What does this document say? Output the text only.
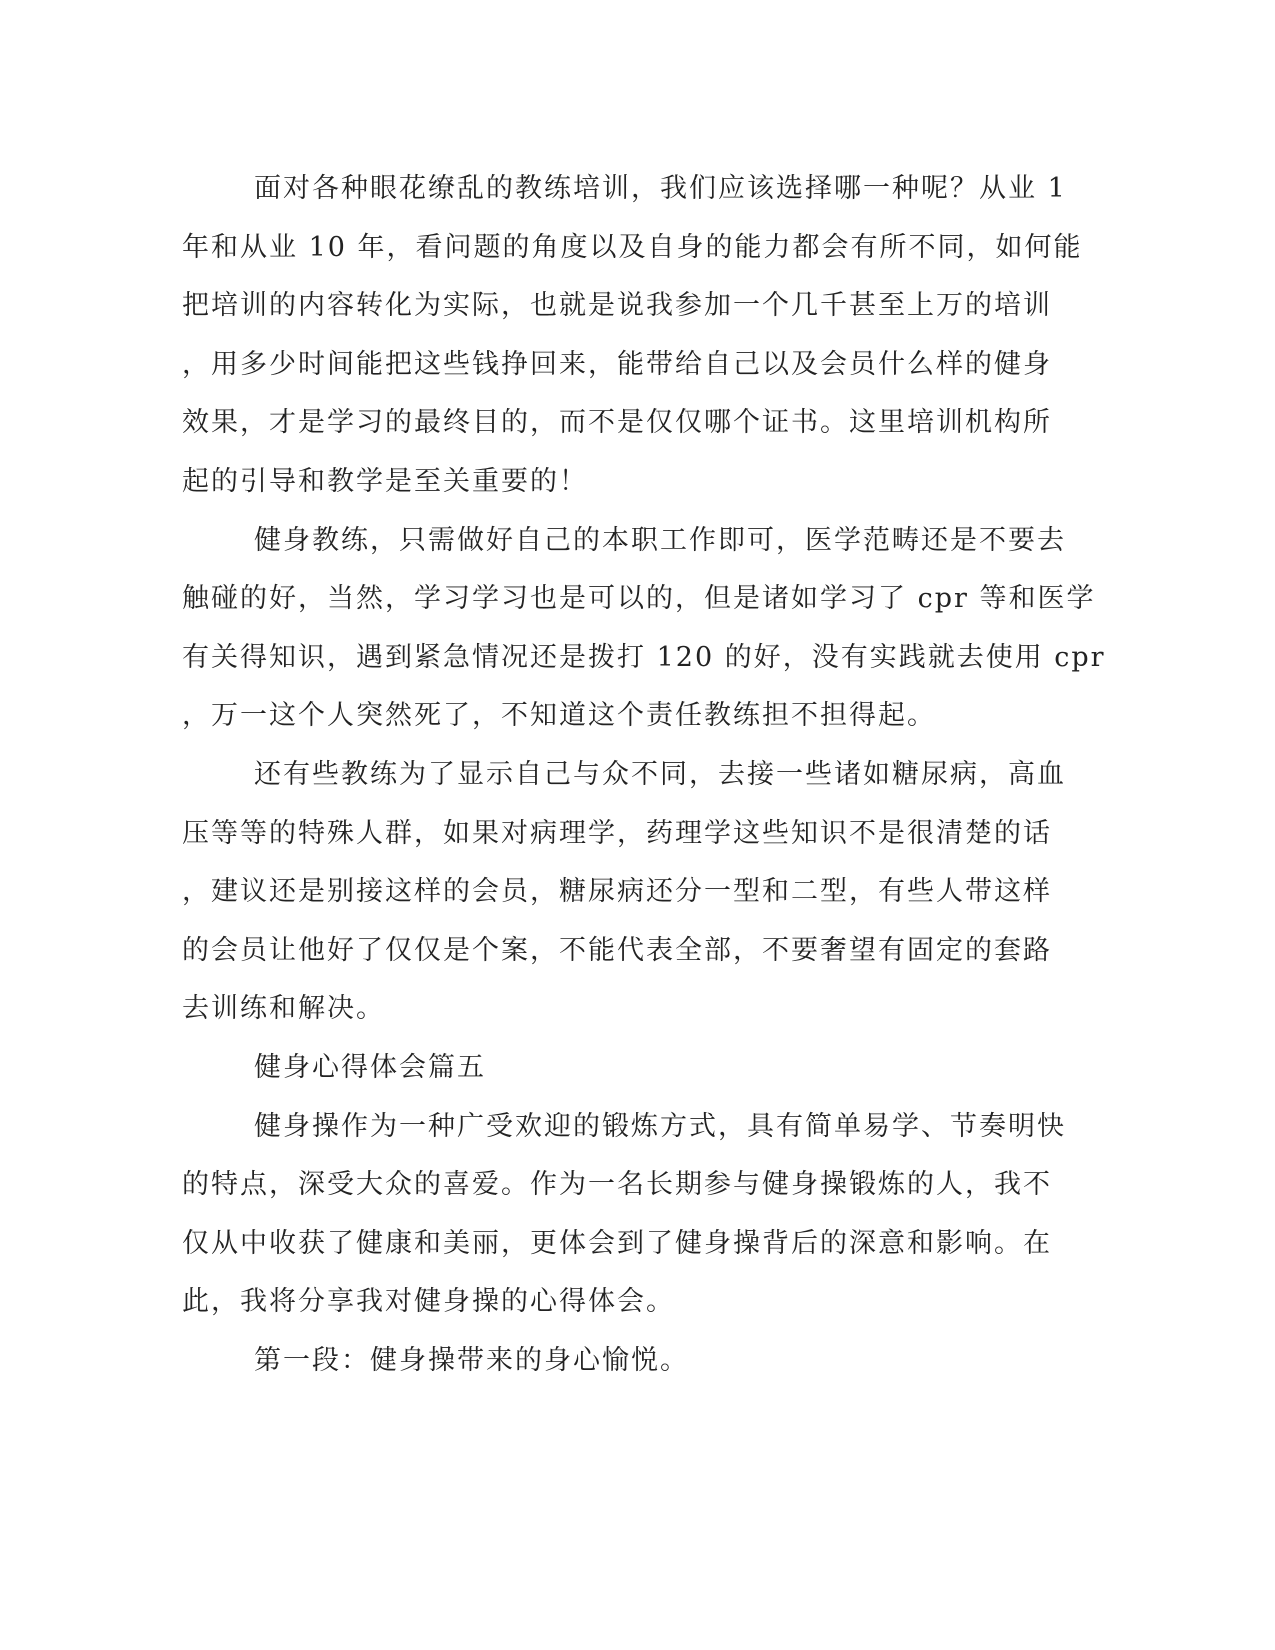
面对各种眼花缭乱的教练培训，我们应该选择哪一种呢？从业 1
年和从业 10 年，看问题的角度以及自身的能力都会有所不同，如何能
把培训的内容转化为实际，也就是说我参加一个几千甚至上万的培训
，用多少时间能把这些钱挣回来，能带给自己以及会员什么样的健身
效果，才是学习的最终目的，而不是仅仅哪个证书。这里培训机构所
起的引导和教学是至关重要的！
健身教练，只需做好自己的本职工作即可，医学范畴还是不要去
触碰的好，当然，学习学习也是可以的，但是诸如学习了 cpr 等和医学
有关得知识，遇到紧急情况还是拨打 120 的好，没有实践就去使用 cpr
，万一这个人突然死了，不知道这个责任教练担不担得起。
还有些教练为了显示自己与众不同，去接一些诸如糖尿病，高血
压等等的特殊人群，如果对病理学，药理学这些知识不是很清楚的话
，建议还是别接这样的会员，糖尿病还分一型和二型，有些人带这样
的会员让他好了仅仅是个案，不能代表全部，不要奢望有固定的套路
去训练和解决。
健身心得体会篇五
健身操作为一种广受欢迎的锻炼方式，具有简单易学、节奏明快
的特点，深受大众的喜爱。作为一名长期参与健身操锻炼的人，我不
仅从中收获了健康和美丽，更体会到了健身操背后的深意和影响。在
此，我将分享我对健身操的心得体会。
第一段：健身操带来的身心愉悦。
